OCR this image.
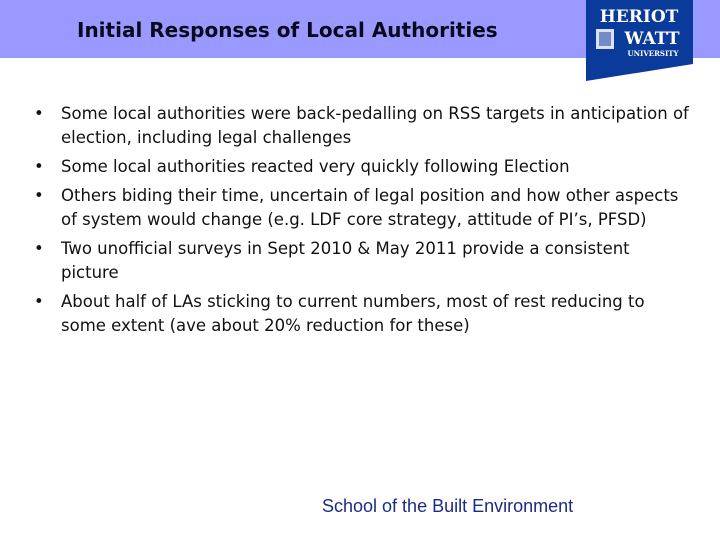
Initial Responses of Local Authorities
HERIOT
WATT
UNIVERSITY
• Some local authorities were back-pedalling on RSS targets in anticipation of election, including legal challenges
• Some local authorities reacted very quickly following Election
• Others biding their time, uncertain of legal position and how other aspects of system would change (e.g. LDF core strategy, attitude of PI’s, PFSD)
• Two unofficial surveys in Sept 2010 & May 2011 provide a consistent picture
• About half of LAs sticking to current numbers, most of rest reducing to some extent (ave about 20% reduction for these)
School of the Built Environment
